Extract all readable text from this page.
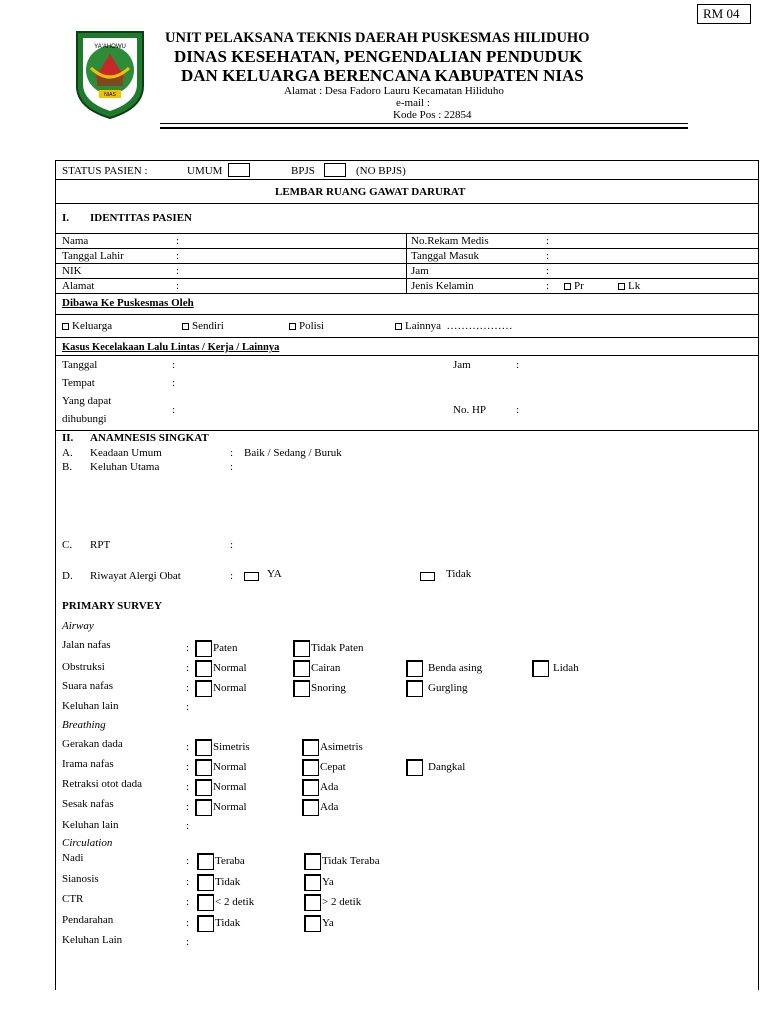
RM 04
YA'AHOWU
NIAS
UNIT PELAKSANA TEKNIS DAERAH PUSKESMAS HILIDUHO
DINAS KESEHATAN, PENGENDALIAN PENDUDUK
DAN KELUARGA BERENCANA KABUPATEN NIAS
Alamat : Desa Fadoro Lauru Kecamatan Hiliduho
e-mail :
Kode Pos : 22854
STATUS PASIEN :	UMUM	BPJS	(NO BPJS)
LEMBAR RUANG GAWAT DARURAT
I. IDENTITAS PASIEN
Nama	:	No.Rekam Medis	:
Tanggal Lahir	:	Tanggal Masuk	:
NIK	:	Jam	:
Alamat	:	Jenis Kelamin	:	Pr	Lk
Dibawa Ke Puskesmas Oleh
Keluarga	Sendiri	Polisi	Lainnya ………………
Kasus Kecelakaan Lalu Lintas / Kerja / Lainnya
Tanggal	:	Jam	:
Tempat	:
Yang dapat
dihubungi
:	No. HP	:
II. ANAMNESIS SINGKAT
A. Keadaan Umum	: Baik / Sedang / Buruk
B. Keluhan Utama	:
C. RPT	:
D. Riwayat Alergi Obat	:	YA	Tidak
PRIMARY SURVEY
Airway
Jalan nafas	: Paten	Tidak Paten
Obstruksi	: Normal	Cairan	Benda asing	Lidah
Suara nafas	: Normal	Snoring	Gurgling
Keluhan lain	:
Breathing
Gerakan dada	: Simetris	Asimetris
Irama nafas	: Normal	Cepat	Dangkal
Retraksi otot dada	: Normal	Ada
Sesak nafas	: Normal	Ada
Keluhan lain	:
Circulation
Nadi	: Teraba	Tidak Teraba
Sianosis	: Tidak	Ya
CTR	: < 2 detik	> 2 detik
Pendarahan	: Tidak	Ya
Keluhan Lain	:
